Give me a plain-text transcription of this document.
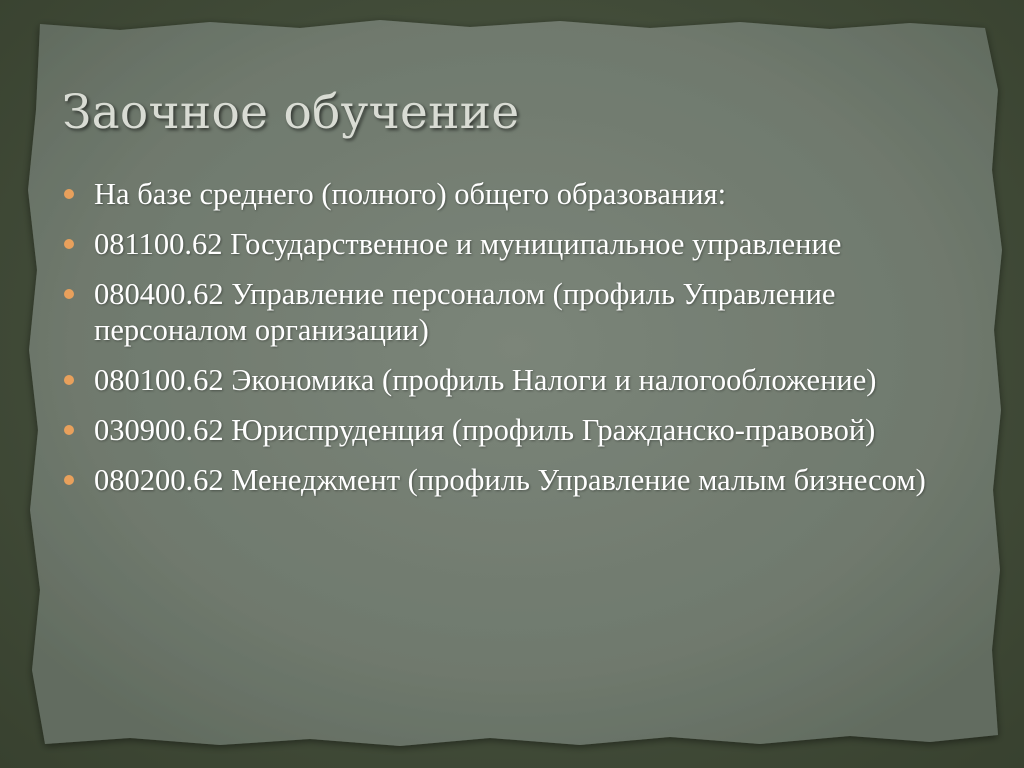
Заочное обучение
На базе среднего (полного) общего образования:
081100.62 Государственное и муниципальное управление
080400.62 Управление персоналом (профиль Управление персоналом организации)
080100.62 Экономика (профиль Налоги и налогообложение)
030900.62 Юриспруденция (профиль Гражданско-правовой)
080200.62 Менеджмент (профиль Управление малым бизнесом)
